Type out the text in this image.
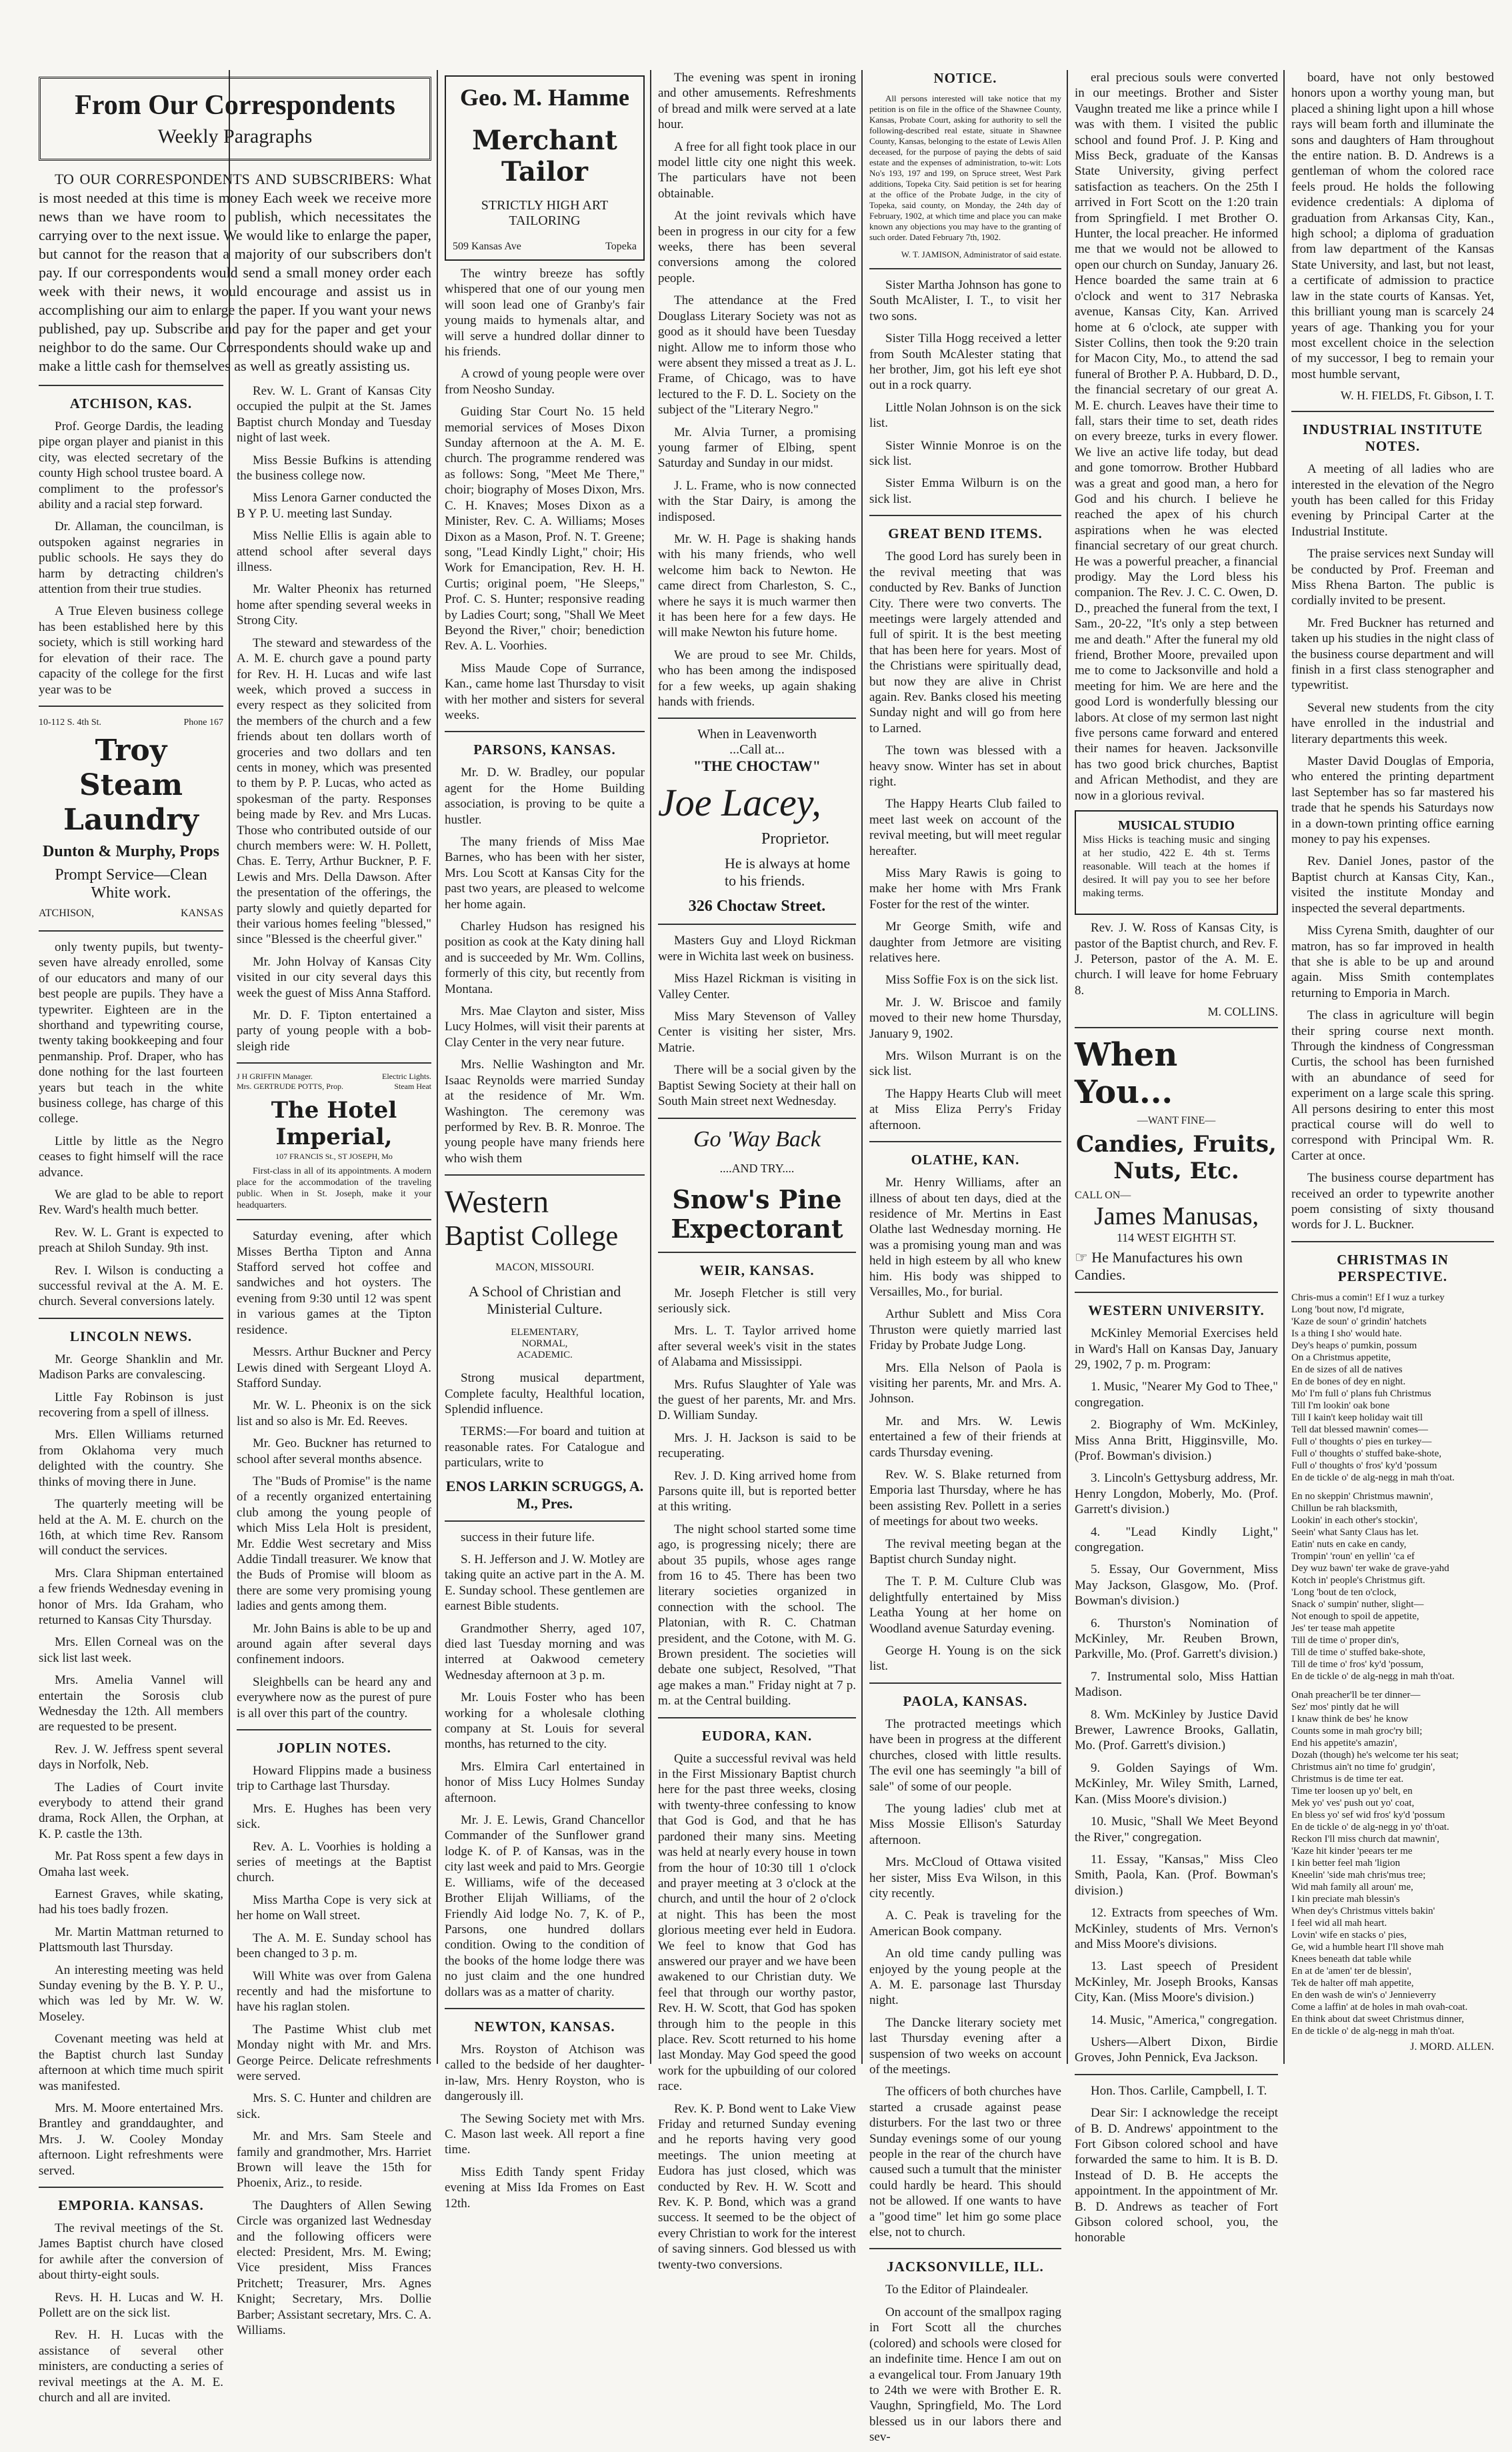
From Our Correspondents
Weekly Paragraphs

TO OUR CORRESPONDENTS AND SUBSCRIBERS: What is most needed at this time is money Each week we receive more news than we have room to publish, which necessitates the carrying over to the next issue. We would like to enlarge the paper, but cannot for the reason that a majority of our subscribers don't pay. If our correspondents would send a small money order each week with their news, it would encourage and assist us in accomplishing our aim to enlarge the paper. If you want your news published, pay up. Subscribe and pay for the paper and get your neighbor to do the same. Our Correspondents should wake up and make a little cash for themselves as well as greatly assisting us.

ATCHISON, KAS.

Prof. George Dardis, the leading pipe organ player and pianist in this city, was elected secretary of the county High school trustee board. A compliment to the professor's ability and a racial step forward.

Dr. Allaman, the councilman, is outspoken against negraries in public schools. He says they do harm by detracting children's attention from their true studies.

A True Eleven business college has been established here by this society, which is still working hard for elevation of their race. The capacity of the college for the first year was to be

10-112 S. 4th St.	Phone 167
Troy Steam Laundry
Dunton & Murphy, Props
Prompt Service—Clean White work.
ATCHISON,	KANSAS

only twenty pupils, but twenty-seven have already enrolled, some of our educators and many of our best people are pupils. They have a typewriter. Eighteen are in the shorthand and typewriting course, twenty taking bookkeeping and four penmanship. Prof. Draper, who has done nothing for the last fourteen years but teach in the white business college, has charge of this college.

Little by little as the Negro ceases to fight himself will the race advance.

We are glad to be able to report Rev. Ward's health much better.

Rev. W. L. Grant is expected to preach at Shiloh Sunday. 9th inst.

Rev. I. Wilson is conducting a successful revival at the A. M. E. church. Several conversions lately.

LINCOLN NEWS.

Mr. George Shanklin and Mr. Madison Parks are convalescing.

Little Fay Robinson is just recovering from a spell of illness.

Mrs. Ellen Williams returned from Oklahoma very much delighted with the country. She thinks of moving there in June.

The quarterly meeting will be held at the A. M. E. church on the 16th, at which time Rev. Ransom will conduct the services.

Mrs. Clara Shipman entertained a few friends Wednesday evening in honor of Mrs. Ida Graham, who returned to Kansas City Thursday.

Mrs. Ellen Corneal was on the sick list last week.

Mrs. Amelia Vannel will entertain the Sorosis club Wednesday the 12th. All members are requested to be present.

Rev. J. W. Jeffress spent several days in Norfolk, Neb.

The Ladies of Court invite everybody to attend their grand drama, Rock Allen, the Orphan, at K. P. castle the 13th.

Mr. Pat Ross spent a few days in Omaha last week.

Earnest Graves, while skating, had his toes badly frozen.

Mr. Martin Mattman returned to Plattsmouth last Thursday.

An interesting meeting was held Sunday evening by the B. Y. P. U., which was led by Mr. W. W. Moseley.

Covenant meeting was held at the Baptist church last Sunday afternoon at which time much spirit was manifested.

Mrs. M. Moore entertained Mrs. Brantley and granddaughter, and Mrs. J. W. Cooley Monday afternoon. Light refreshments were served.

EMPORIA. KANSAS.

The revival meetings of the St. James Baptist church have closed for awhile after the conversion of about thirty-eight souls.

Revs. H. H. Lucas and W. H. Pollett are on the sick list.

Rev. H. H. Lucas with the assistance of several other ministers, are conducting a series of revival meetings at the A. M. E. church and all are invited.

Rev. W. L. Grant of Kansas City occupied the pulpit at the St. James Baptist church Monday and Tuesday night of last week.

Miss Bessie Bufkins is attending the business college now.

Miss Lenora Garner conducted the B Y P. U. meeting last Sunday.

Miss Nellie Ellis is again able to attend school after several days illness.

Mr. Walter Pheonix has returned home after spending several weeks in Strong City.

The steward and stewardess of the A. M. E. church gave a pound party for Rev. H. H. Lucas and wife last week, which proved a success in every respect as they solicited from the members of the church and a few friends about ten dollars worth of groceries and two dollars and ten cents in money, which was presented to them by P. P. Lucas, who acted as spokesman of the party. Responses being made by Rev. and Mrs Lucas. Those who contributed outside of our church members were: W. H. Pollett, Chas. E. Terry, Arthur Buckner, P. F. Lewis and Mrs. Della Dawson. After the presentation of the offerings, the party slowly and quietly departed for their various homes feeling "blessed," since "Blessed is the cheerful giver."

Mr. John Holvay of Kansas City visited in our city several days this week the guest of Miss Anna Stafford.

Mr. D. F. Tipton entertained a party of young people with a bob-sleigh ride

J H GRIFFIN Manager.
Mrs. GERTRUDE POTTS, Prop.
Electric Lights.
Steam Heat
The Hotel Imperial,
107 FRANCIS St., ST JOSEPH, Mo

First-class in all of its appointments. A modern place for the accommodation of the traveling public. When in St. Joseph, make it your headquarters.

Saturday evening, after which Misses Bertha Tipton and Anna Stafford served hot coffee and sandwiches and hot oysters. The evening from 9:30 until 12 was spent in various games at the Tipton residence.

Messrs. Arthur Buckner and Percy Lewis dined with Sergeant Lloyd A. Stafford Sunday.

Mr. W. L. Pheonix is on the sick list and so also is Mr. Ed. Reeves.

Mr. Geo. Buckner has returned to school after several months absence.

The "Buds of Promise" is the name of a recently organized entertaining club among the young people of which Miss Lela Holt is president, Mr. Eddie West secretary and Miss Addie Tindall treasurer. We know that the Buds of Promise will bloom as there are some very promising young ladies and gents among them.

Mr. John Bains is able to be up and around again after several days confinement indoors.

Sleighbells can be heard any and everywhere now as the purest of pure is all over this part of the country.

JOPLIN NOTES.

Howard Flippins made a business trip to Carthage last Thursday.

Mrs. E. Hughes has been very sick.

Rev. A. L. Voorhies is holding a series of meetings at the Baptist church.

Miss Martha Cope is very sick at her home on Wall street.

The A. M. E. Sunday school has been changed to 3 p. m.

Will White was over from Galena recently and had the misfortune to have his raglan stolen.

The Pastime Whist club met Monday night with Mr. and Mrs. George Peirce. Delicate refreshments were served.

Mrs. S. C. Hunter and children are sick.

Mr. and Mrs. Sam Steele and family and grandmother, Mrs. Harriet Brown will leave the 15th for Phoenix, Ariz., to reside.

The Daughters of Allen Sewing Circle was organized last Wednesday and the following officers were elected: President, Mrs. M. Ewing; Vice president, Miss Frances Pritchett; Treasurer, Mrs. Agnes Knight; Secretary, Mrs. Dollie Barber; Assistant secretary, Mrs. C. A. Williams.

Geo. M. Hamme
Merchant
Tailor
STRICTLY HIGH ART TAILORING
509 Kansas Ave	Topeka

The wintry breeze has softly whispered that one of our young men will soon lead one of Granby's fair young maids to hymenals altar, and will serve a hundred dollar dinner to his friends.

A crowd of young people were over from Neosho Sunday.

Guiding Star Court No. 15 held memorial services of Moses Dixon Sunday afternoon at the A. M. E. church. The programme rendered was as follows: Song, "Meet Me There," choir; biography of Moses Dixon, Mrs. C. H. Knaves; Moses Dixon as a Minister, Rev. C. A. Williams; Moses Dixon as a Mason, Prof. N. T. Greene; song, "Lead Kindly Light," choir; His Work for Emancipation, Rev. H. H. Curtis; original poem, "He Sleeps," Prof. C. S. Hunter; responsive reading by Ladies Court; song, "Shall We Meet Beyond the River," choir; benediction Rev. A. L. Voorhies.

Miss Maude Cope of Surrance, Kan., came home last Thursday to visit with her mother and sisters for several weeks.

PARSONS, KANSAS.

Mr. D. W. Bradley, our popular agent for the Home Building association, is proving to be quite a hustler.

The many friends of Miss Mae Barnes, who has been with her sister, Mrs. Lou Scott at Kansas City for the past two years, are pleased to welcome her home again.

Charley Hudson has resigned his position as cook at the Katy dining hall and is succeeded by Mr. Wm. Collins, formerly of this city, but recently from Montana.

Mrs. Mae Clayton and sister, Miss Lucy Holmes, will visit their parents at Clay Center in the very near future.

Mrs. Nellie Washington and Mr. Isaac Reynolds were married Sunday at the residence of Mr. Wm. Washington. The ceremony was performed by Rev. B. R. Monroe. The young people have many friends here who wish them

Western
Baptist College
MACON, MISSOURI.
A School of Christian and Ministerial Culture.
ELEMENTARY,
NORMAL,
ACADEMIC.

Strong musical department, Complete faculty, Healthful location, Splendid influence.

TERMS:—For board and tuition at reasonable rates. For Catalogue and particulars, write to

ENOS LARKIN SCRUGGS, A. M., Pres.

success in their future life.

S. H. Jefferson and J. W. Motley are taking quite an active part in the A. M. E. Sunday school. These gentlemen are earnest Bible students.

Grandmother Sherry, aged 107, died last Tuesday morning and was interred at Oakwood cemetery Wednesday afternoon at 3 p. m.

Mr. Louis Foster who has been working for a wholesale clothing company at St. Louis for several months, has returned to the city.

Mrs. Elmira Carl entertained in honor of Miss Lucy Holmes Sunday afternoon.

Mr. J. E. Lewis, Grand Chancellor Commander of the Sunflower grand lodge K. of P. of Kansas, was in the city last week and paid to Mrs. Georgie E. Williams, wife of the deceased Brother Elijah Williams, of the Friendly Aid lodge No. 7, K. of P., Parsons, one hundred dollars condition. Owing to the condition of the books of the home lodge there was no just claim and the one hundred dollars was as a matter of charity.

NEWTON, KANSAS.

Mrs. Royston of Atchison was called to the bedside of her daughter-in-law, Mrs. Henry Royston, who is dangerously ill.

The Sewing Society met with Mrs. C. Mason last week. All report a fine time.

Miss Edith Tandy spent Friday evening at Miss Ida Fromes on East 12th.

The evening was spent in ironing and other amusements. Refreshments of bread and milk were served at a late hour.

A free for all fight took place in our model little city one night this week. The particulars have not been obtainable.

At the joint revivals which have been in progress in our city for a few weeks, there has been several conversions among the colored people.

The attendance at the Fred Douglass Literary Society was not as good as it should have been Tuesday night. Allow me to inform those who were absent they missed a treat as J. L. Frame, of Chicago, was to have lectured to the F. D. L. Society on the subject of the "Literary Negro."

Mr. Alvia Turner, a promising young farmer of Elbing, spent Saturday and Sunday in our midst.

J. L. Frame, who is now connected with the Star Dairy, is among the indisposed.

Mr. W. H. Page is shaking hands with his many friends, who well welcome him back to Newton. He came direct from Charleston, S. C., where he says it is much warmer then it has been here for a few days. He will make Newton his future home.

We are proud to see Mr. Childs, who has been among the indisposed for a few weeks, up again shaking hands with friends.

When in Leavenworth
...Call at...
"THE CHOCTAW"
Joe Lacey,
Proprietor.
He is always at home
to his friends.
326 Choctaw Street.

Masters Guy and Lloyd Rickman were in Wichita last week on business.

Miss Hazel Rickman is visiting in Valley Center.

Miss Mary Stevenson of Valley Center is visiting her sister, Mrs. Matrie.

There will be a social given by the Baptist Sewing Society at their hall on South Main street next Wednesday.

Go 'Way Back
....AND TRY....
Snow's Pine Expectorant
WEIR, KANSAS.

Mr. Joseph Fletcher is still very seriously sick.

Mrs. L. T. Taylor arrived home after several week's visit in the states of Alabama and Mississippi.

Mrs. Rufus Slaughter of Yale was the guest of her parents, Mr. and Mrs. D. William Sunday.

Mrs. J. H. Jackson is said to be recuperating.

Rev. J. D. King arrived home from Parsons quite ill, but is reported better at this writing.

The night school started some time ago, is progressing nicely; there are about 35 pupils, whose ages range from 16 to 45. There has been two literary societies organized in connection with the school. The Platonian, with R. C. Chatman president, and the Cotone, with M. G. Brown president. The societies will debate one subject, Resolved, "That age makes a man." Friday night at 7 p. m. at the Central building.

EUDORA, KAN.

Quite a successful revival was held in the First Missionary Baptist church here for the past three weeks, closing with twenty-three confessing to know that God is God, and that he has pardoned their many sins. Meeting was held at nearly every house in town from the hour of 10:30 till 1 o'clock and prayer meeting at 3 o'clock at the church, and until the hour of 2 o'clock at night. This has been the most glorious meeting ever held in Eudora. We feel to know that God has answered our prayer and we have been awakened to our Christian duty. We feel that through our worthy pastor, Rev. H. W. Scott, that God has spoken through him to the people in this place. Rev. Scott returned to his home last Monday. May God speed the good work for the upbuilding of our colored race.

Rev. K. P. Bond went to Lake View Friday and returned Sunday evening and he reports having very good meetings. The union meeting at Eudora has just closed, which was conducted by Rev. H. W. Scott and Rev. K. P. Bond, which was a grand success. It seemed to be the object of every Christian to work for the interest of saving sinners. God blessed us with twenty-two conversions.

NOTICE.

All persons interested will take notice that my petition is on file in the office of the Shawnee County, Kansas, Probate Court, asking for authority to sell the following-described real estate, situate in Shawnee County, Kansas, belonging to the estate of Lewis Allen deceased, for the purpose of paying the debts of said estate and the expenses of administration, to-wit: Lots No's 193, 197 and 199, on Spruce street, West Park additions, Topeka City. Said petition is set for hearing at the office of the Probate Judge, in the city of Topeka, said county, on Monday, the 24th day of February, 1902, at which time and place you can make known any objections you may have to the granting of such order. Dated February 7th, 1902.

W. T. JAMISON, Administrator of said estate.

Sister Martha Johnson has gone to South McAlister, I. T., to visit her two sons.

Sister Tilla Hogg received a letter from South McAlester stating that her brother, Jim, got his left eye shot out in a rock quarry.

Little Nolan Johnson is on the sick list.

Sister Winnie Monroe is on the sick list.

Sister Emma Wilburn is on the sick list.

GREAT BEND ITEMS.

The good Lord has surely been in the revival meeting that was conducted by Rev. Banks of Junction City. There were two converts. The meetings were largely attended and full of spirit. It is the best meeting that has been here for years. Most of the Christians were spiritually dead, but now they are alive in Christ again. Rev. Banks closed his meeting Sunday night and will go from here to Larned.

The town was blessed with a heavy snow. Winter has set in about right.

The Happy Hearts Club failed to meet last week on account of the revival meeting, but will meet regular hereafter.

Miss Mary Rawis is going to make her home with Mrs Frank Foster for the rest of the winter.

Mr George Smith, wife and daughter from Jetmore are visiting relatives here.

Miss Soffie Fox is on the sick list.

Mr. J. W. Briscoe and family moved to their new home Thursday, January 9, 1902.

Mrs. Wilson Murrant is on the sick list.

The Happy Hearts Club will meet at Miss Eliza Perry's Friday afternoon.

OLATHE, KAN.

Mr. Henry Williams, after an illness of about ten days, died at the residence of Mr. Mertins in East Olathe last Wednesday morning. He was a promising young man and was held in high esteem by all who knew him. His body was shipped to Versailles, Mo., for burial.

Arthur Sublett and Miss Cora Thruston were quietly married last Friday by Probate Judge Long.

Mrs. Ella Nelson of Paola is visiting her parents, Mr. and Mrs. A. Johnson.

Mr. and Mrs. W. Lewis entertained a few of their friends at cards Thursday evening.

Rev. W. S. Blake returned from Emporia last Thursday, where he has been assisting Rev. Pollett in a series of meetings for about two weeks.

The revival meeting began at the Baptist church Sunday night.

The T. P. M. Culture Club was delightfully entertained by Miss Leatha Young at her home on Woodland avenue Saturday evening.

George H. Young is on the sick list.

PAOLA, KANSAS.

The protracted meetings which have been in progress at the different churches, closed with little results. The evil one has seemingly "a bill of sale" of some of our people.

The young ladies' club met at Miss Mossie Ellison's Saturday afternoon.

Mrs. McCloud of Ottawa visited her sister, Miss Eva Wilson, in this city recently.

A. C. Peak is traveling for the American Book company.

An old time candy pulling was enjoyed by the young people at the A. M. E. parsonage last Thursday night.

The Dancke literary society met last Thursday evening after a suspension of two weeks on account of the meetings.

The officers of both churches have started a crusade against pease disturbers. For the last two or three Sunday evenings some of our young people in the rear of the church have caused such a tumult that the minister could hardly be heard. This should not be allowed. If one wants to have a "good time" let him go some place else, not to church.

JACKSONVILLE, ILL.

To the Editor of Plaindealer.

On account of the smallpox raging in Fort Scott all the churches (colored) and schools were closed for an indefinite time. Hence I am out on a evangelical tour. From January 19th to 24th we were with Brother E. R. Vaughn, Springfield, Mo. The Lord blessed us in our labors there and sev-

eral precious souls were converted in our meetings. Brother and Sister Vaughn treated me like a prince while I was with them. I visited the public school and found Prof. J. P. King and Miss Beck, graduate of the Kansas State University, giving perfect satisfaction as teachers. On the 25th I arrived in Fort Scott on the 1:20 train from Springfield. I met Brother O. Hunter, the local preacher. He informed me that we would not be allowed to open our church on Sunday, January 26. Hence boarded the same train at 6 o'clock and went to 317 Nebraska avenue, Kansas City, Kan. Arrived home at 6 o'clock, ate supper with Sister Collins, then took the 9:20 train for Macon City, Mo., to attend the sad funeral of Brother P. A. Hubbard, D. D., the financial secretary of our great A. M. E. church. Leaves have their time to fall, stars their time to set, death rides on every breeze, turks in every flower. We live an active life today, but dead and gone tomorrow. Brother Hubbard was a great and good man, a hero for God and his church. I believe he reached the apex of his church aspirations when he was elected financial secretary of our great church. He was a powerful preacher, a financial prodigy. May the Lord bless his companion. The Rev. J. C. C. Owen, D. D., preached the funeral from the text, I Sam., 20-22, "It's only a step between me and death." After the funeral my old friend, Brother Moore, prevailed upon me to come to Jacksonville and hold a meeting for him. We are here and the good Lord is wonderfully blessing our labors. At close of my sermon last night five persons came forward and entered their names for heaven. Jacksonville has two good brick churches, Baptist and African Methodist, and they are now in a glorious revival.

MUSICAL STUDIO

Miss Hicks is teaching music and singing at her studio, 422 E. 4th st. Terms reasonable. Will teach at the homes if desired. It will pay you to see her before making terms.

Rev. J. W. Ross of Kansas City, is pastor of the Baptist church, and Rev. F. J. Peterson, pastor of the A. M. E. church. I will leave for home February 8.

M. COLLINS.
When You...
—WANT FINE—
Candies, Fruits, Nuts, Etc.
CALL ON—
James Manusas,
114 WEST EIGHTH ST.
☞ He Manufactures his own Candies.
WESTERN UNIVERSITY.

McKinley Memorial Exercises held in Ward's Hall on Kansas Day, January 29, 1902, 7 p. m. Program:

1. Music, "Nearer My God to Thee," congregation.

2. Biography of Wm. McKinley, Miss Anna Britt, Higginsville, Mo. (Prof. Bowman's division.)

3. Lincoln's Gettysburg address, Mr. Henry Longdon, Moberly, Mo. (Prof. Garrett's division.)

4. "Lead Kindly Light," congregation.

5. Essay, Our Government, Miss May Jackson, Glasgow, Mo. (Prof. Bowman's division.)

6. Thurston's Nomination of McKinley, Mr. Reuben Brown, Parkville, Mo. (Prof. Garrett's division.)

7. Instrumental solo, Miss Hattian Madison.

8. Wm. McKinley by Justice David Brewer, Lawrence Brooks, Gallatin, Mo. (Prof. Garrett's division.)

9. Golden Sayings of Wm. McKinley, Mr. Wiley Smith, Larned, Kan. (Miss Moore's division.)

10. Music, "Shall We Meet Beyond the River," congregation.

11. Essay, "Kansas," Miss Cleo Smith, Paola, Kan. (Prof. Bowman's division.)

12. Extracts from speeches of Wm. McKinley, students of Mrs. Vernon's and Miss Moore's divisions.

13. Last speech of President McKinley, Mr. Joseph Brooks, Kansas City, Kan. (Miss Moore's division.)

14. Music, "America," congregation.

Ushers—Albert Dixon, Birdie Groves, John Pennick, Eva Jackson.

Hon. Thos. Carlile, Campbell, I. T.

Dear Sir: I acknowledge the receipt of B. D. Andrews' appointment to the Fort Gibson colored school and have forwarded the same to him. It is B. D. Instead of D. B. He accepts the appointment. In the appointment of Mr. B. D. Andrews as teacher of Fort Gibson colored school, you, the honorable

board, have not only bestowed honors upon a worthy young man, but placed a shining light upon a hill whose rays will beam forth and illuminate the sons and daughters of Ham throughout the entire nation. B. D. Andrews is a gentleman of whom the colored race feels proud. He holds the following evidence credentials: A diploma of graduation from Arkansas City, Kan., high school; a diploma of graduation from law department of the Kansas State University, and last, but not least, a certificate of admission to practice law in the state courts of Kansas. Yet, this brilliant young man is scarcely 24 years of age. Thanking you for your most excellent choice in the selection of my successor, I beg to remain your most humble servant,

W. H. FIELDS, Ft. Gibson, I. T.
INDUSTRIAL INSTITUTE NOTES.

A meeting of all ladies who are interested in the elevation of the Negro youth has been called for this Friday evening by Principal Carter at the Industrial Institute.

The praise services next Sunday will be conducted by Prof. Freeman and Miss Rhena Barton. The public is cordially invited to be present.

Mr. Fred Buckner has returned and taken up his studies in the night class of the business course department and will finish in a first class stenographer and typewritist.

Several new students from the city have enrolled in the industrial and literary departments this week.

Master David Douglas of Emporia, who entered the printing department last September has so far mastered his trade that he spends his Saturdays now in a down-town printing office earning money to pay his expenses.

Rev. Daniel Jones, pastor of the Baptist church at Kansas City, Kan., visited the institute Monday and inspected the several departments.

Miss Cyrena Smith, daughter of our matron, has so far improved in health that she is able to be up and around again. Miss Smith contemplates returning to Emporia in March.

The class in agriculture will begin their spring course next month. Through the kindness of Congressman Curtis, the school has been furnished with an abundance of seed for experiment on a large scale this spring. All persons desiring to enter this most practical course will do well to correspond with Principal Wm. R. Carter at once.

The business course department has received an order to typewrite another poem consisting of sixty thousand words for J. L. Buckner.

CHRISTMAS IN PERSPECTIVE.
Chris-mus a comin'! Ef I wuz a turkey
Long 'bout now, I'd migrate,
'Kaze de soun' o' grindin' hatchets
Is a thing I sho' would hate.
Dey's heaps o' pumkin, possum
On a Christmus appetite,
En de sizes of all de natives
En de bones of dey en night.
Mo' I'm full o' plans fuh Christmus
Till I'm lookin' oak bone
Till I kain't keep holiday wait till
Tell dat blessed mawnin' comes—
Full o' thoughts o' pies en turkey—
Full o' thoughts o' stuffed bake-shote,
Full o' thoughts o' fros' ky'd 'possum
En de tickle o' de alg-negg in mah th'oat.
En no skeppin' Christmus mawnin',
Chillun be rah blacksmith,
Lookin' in each other's stockin',
Seein' what Santy Claus has let.
Eatin' nuts en cake en candy,
Trompin' 'roun' en yellin' 'ca ef
Dey wuz bawn' ter wake de grave-yahd
Kotch in' people's Christmus gift.
'Long 'bout de ten o'clock,
Snack o' sumpin' nuther, slight—
Not enough to spoil de appetite,
Jes' ter tease mah appetite
Till de time o' proper din's,
Till de time o' stuffed bake-shote,
Till de time o' fros' ky'd 'possum,
En de tickle o' de alg-negg in mah th'oat.
Onah preacher'll be ter dinner—
Sez' mos' pintly dat he will
I knaw think de bes' he know
Counts some in mah groc'ry bill;
End his appetite's amazin',
Dozah (though) he's welcome ter his seat;
Christmus ain't no time fo' grudgin',
Christmus is de time ter eat.
Time ter loosen up yo' belt, en
Mek yo' ves' push out yo' coat,
En bless yo' sef wid fros' ky'd 'possum
En de tickle o' de alg-negg in yo' th'oat.
Reckon I'll miss church dat mawnin',
'Kaze hit kinder 'peears ter me
I kin better feel mah 'ligion
Kneelin' 'side mah chris'mus tree;
Wid mah family all aroun' me,
I kin preciate mah blessin's
When dey's Christmus vittels bakin'
I feel wid all mah heart.
Lovin' wife en stacks o' pies,
Ge, wid a humble heart I'll shove mah
Knees beneath dat table while
En at de 'amen' ter de blessin',
Tek de halter off mah appetite,
En den wash de win's o' Jennieverry
Come a laffin' at de holes in mah ovah-coat.
En think about dat sweet Christmus dinner,
En de tickle o' de alg-negg in mah th'oat.
J. MORD. ALLEN.
